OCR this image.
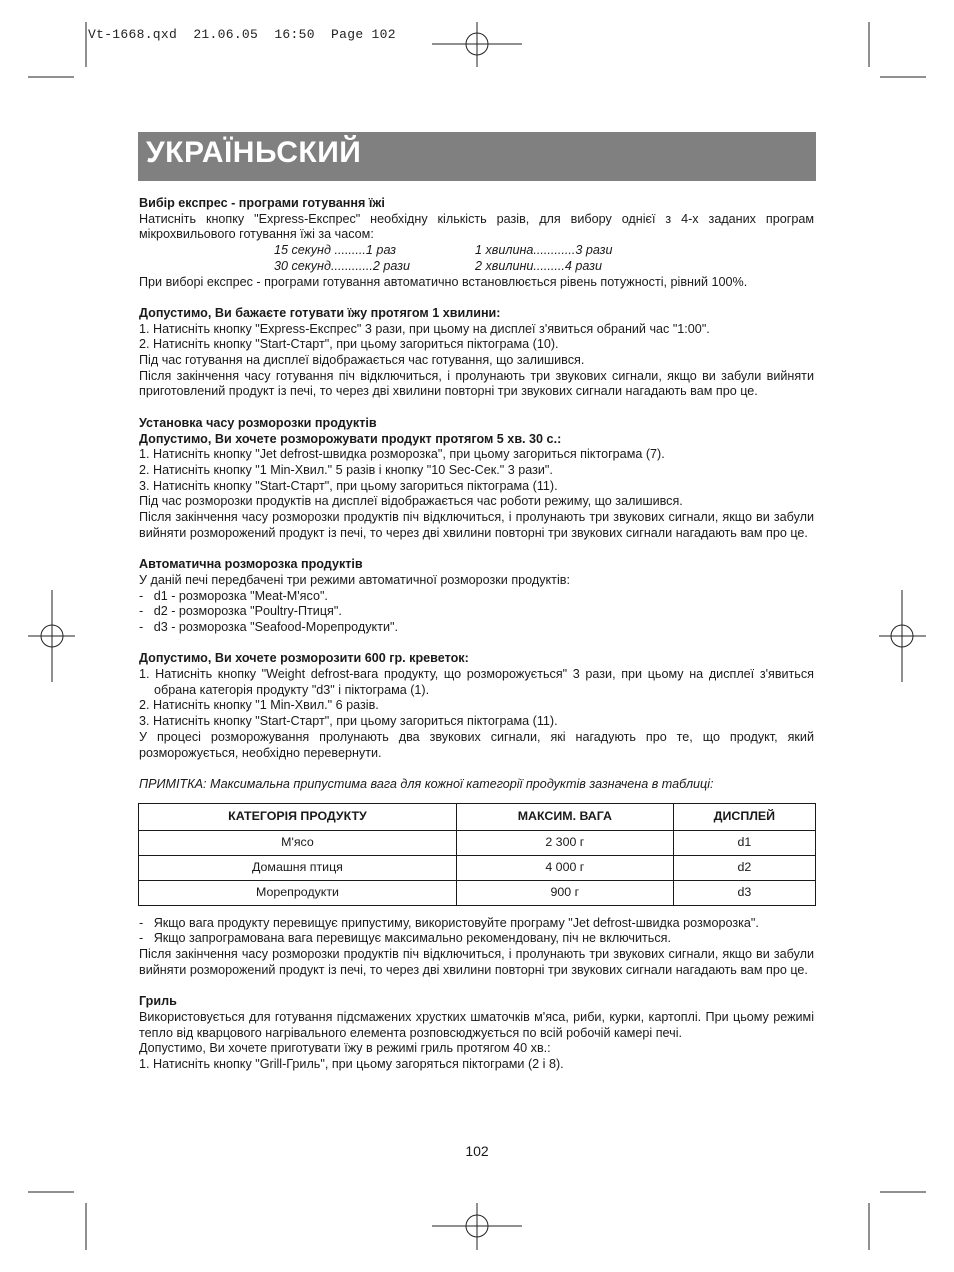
Vt-1668.qxd  21.06.05  16:50  Page 102
УКРАЇНЬСКИЙ

Вибір експрес - програми готування їжі

Натисніть кнопку "Express-Експрес" необхідну кількість разів, для вибору однієї з 4-х заданих програм мікрохвильового готування їжі за часом:

15 секунд .........1 раз	1 хвилина............3 рази
30 секунд............2 рази	2 хвилини.........4 рази

При виборі експрес - програми готування автоматично встановлюється рівень потужності, рівний 100%.

Допустимо, Ви бажаєте готувати їжу протягом 1 хвилини:

1. Натисніть кнопку "Express-Експрес" 3 рази, при цьому на дисплеї з'явиться обраний час "1:00".

2. Натисніть кнопку "Start-Старт", при цьому загориться піктограма (10).

Під час готування на дисплеї відображається час готування, що залишився.

Після закінчення часу готування піч відключиться, і пролунають три звукових сигнали, якщо ви забули вийняти приготовлений продукт із печі, то через дві хвилини повторні три звукових сигнали нагадають вам про це.

Установка часу розморозки продуктів

Допустимо, Ви хочете розморожувати продукт протягом 5 хв. 30 с.:

1. Натисніть кнопку "Jet defrost-швидка розморозка", при цьому загориться піктограма (7).

2. Натисніть кнопку "1 Min-Хвил." 5 разів і кнопку "10 Sec-Сек." 3 рази".

3. Натисніть кнопку "Start-Старт", при цьому загориться піктограма (11).

Під час розморозки продуктів на дисплеї відображається час роботи режиму, що залишився.

Після закінчення часу розморозки продуктів піч відключиться, і пролунають три звукових сигнали, якщо ви забули вийняти розморожений продукт із печі, то через дві хвилини повторні три звукових сигнали нагадають вам про це.

Автоматична розморозка продуктів

У даній печі передбачені три режими автоматичної розморозки продуктів:

-   d1 - розморозка "Meat-М'ясо".

-   d2 - розморозка "Poultry-Птиця".

-   d3 - розморозка "Seafood-Морепродукти".

Допустимо, Ви хочете розморозити 600 гр. креветок:

1. Натисніть кнопку "Weight defrost-вага продукту, що розморожується" 3 рази, при цьому на дисплеї з'явиться обрана категорія продукту "d3" і піктограма (1).

2. Натисніть кнопку "1 Min-Хвил." 6 разів.

3. Натисніть кнопку "Start-Старт", при цьому загориться піктограма (11).

У процесі розморожування пролунають два звукових сигнали, які нагадують про те, що продукт, який розморожується, необхідно перевернути.

ПРИМІТКА: Максимальна припустима вага для кожної категорії продуктів зазначена в таблиці:

КАТЕГОРІЯ ПРОДУКТУ	МАКСИМ. ВАГА	ДИСПЛЕЙ
М'ясо	2 300 г	d1
Домашня птиця	4 000 г	d2
Морепродукти	900 г	d3

-   Якщо вага продукту перевищує припустиму, використовуйте програму "Jet defrost-швидка розморозка".

-   Якщо запрограмована вага перевищує максимально рекомендовану, піч не включиться.

Після закінчення часу розморозки продуктів піч відключиться, і пролунають три звукових сигнали, якщо ви забули вийняти розморожений продукт із печі, то через дві хвилини повторні три звукових сигнали нагадають вам про це.

Гриль

Використовується для готування підсмажених хрустких шматочків м'яса, риби, курки, картоплі. При цьому режимі тепло від кварцового нагрівального елемента розповсюджується по всій робочій камері печі.

Допустимо, Ви хочете приготувати їжу в режимі гриль протягом 40 хв.:

1. Натисніть кнопку "Grill-Гриль", при цьому загоряться піктограми (2 і 8).

102
